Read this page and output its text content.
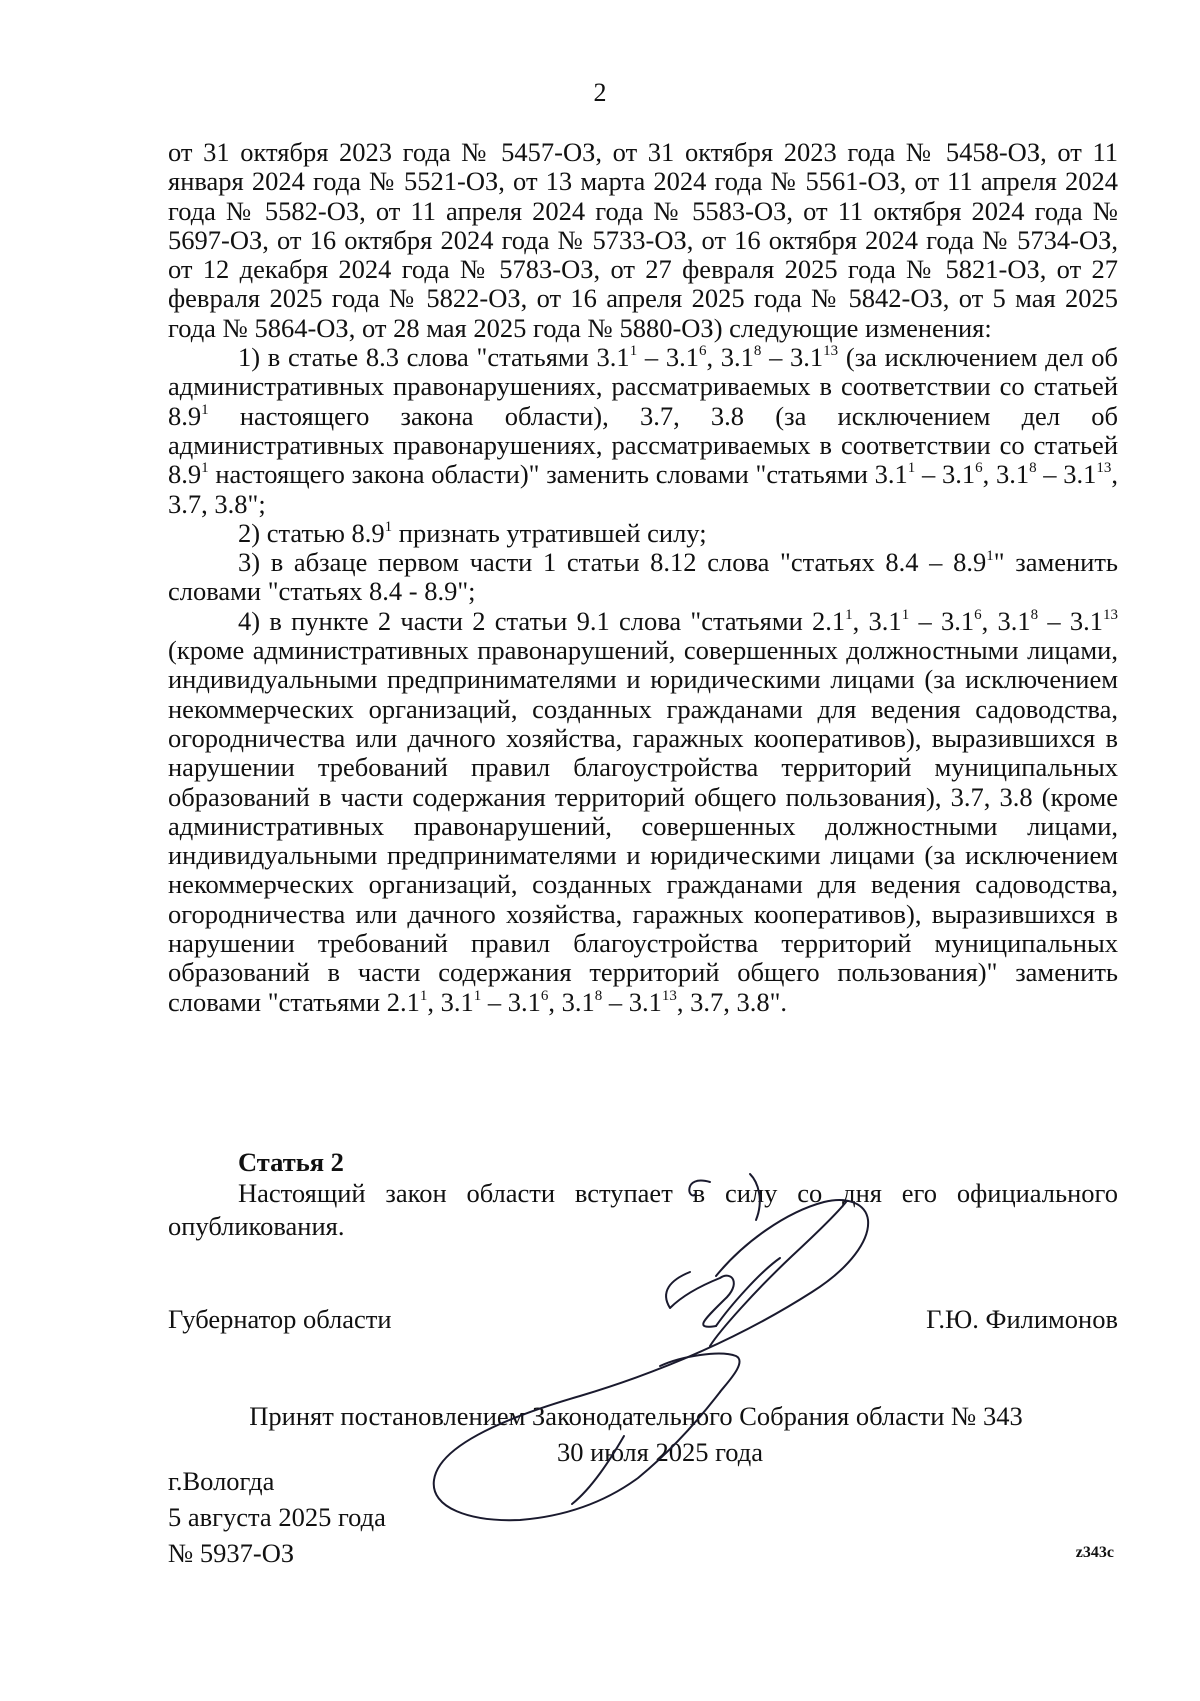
2

от 31 октября 2023 года № 5457-ОЗ, от 31 октября 2023 года № 5458-ОЗ, от 11 января 2024 года № 5521-ОЗ, от 13 марта 2024 года № 5561-ОЗ, от 11 апреля 2024 года № 5582-ОЗ, от 11 апреля 2024 года № 5583-ОЗ, от 11 октября 2024 года № 5697-ОЗ, от 16 октября 2024 года № 5733-ОЗ, от 16 октября 2024 года № 5734-ОЗ, от 12 декабря 2024 года № 5783-ОЗ, от 27 февраля 2025 года № 5821-ОЗ, от 27 февраля 2025 года № 5822-ОЗ, от 16 апреля 2025 года № 5842-ОЗ, от 5 мая 2025 года № 5864-ОЗ, от 28 мая 2025 года № 5880-ОЗ) следующие изменения:

1) в статье 8.3 слова "статьями $3.1^1 - 3.1^6$, $3.1^8 - 3.1^{13}$ (за исключением дел об административных правонарушениях, рассматриваемых в соответствии со статьей $8.9^1$ настоящего закона области), 3.7, 3.8 (за исключением дел об административных правонарушениях, рассматриваемых в соответствии со статьей $8.9^1$ настоящего закона области)" заменить словами "статьями $3.1^1 - 3.1^6$, $3.1^8 - 3.1^{13}$, 3.7, 3.8";

2) статью $8.9^1$ признать утратившей силу;

3) в абзаце первом части 1 статьи 8.12 слова "статьях $8.4 - 8.9^1$" заменить словами "статьях 8.4 - 8.9";

4) в пункте 2 части 2 статьи 9.1 слова "статьями $2.1^1$, $3.1^1 - 3.1^6$, $3.1^8 - 3.1^{13}$ (кроме административных правонарушений, совершенных должностными лицами, индивидуальными предпринимателями и юридическими лицами (за исключением некоммерческих организаций, созданных гражданами для ведения садоводства, огородничества или дачного хозяйства, гаражных кооперативов), выразившихся в нарушении требований правил благоустройства территорий муниципальных образований в части содержания территорий общего пользования), 3.7, 3.8 (кроме административных правонарушений, совершенных должностными лицами, индивидуальными предпринимателями и юридическими лицами (за исключением некоммерческих организаций, созданных гражданами для ведения садоводства, огородничества или дачного хозяйства, гаражных кооперативов), выразившихся в нарушении требований правил благоустройства территорий муниципальных образований в части содержания территорий общего пользования)" заменить словами "статьями $2.1^1$, $3.1^1 - 3.1^6$, $3.1^8 - 3.1^{13}$, 3.7, 3.8".

Статья 2

Настоящий закон области вступает в силу со дня его официального опубликования.

Губернатор области	Г.Ю. Филимонов
Принят постановлением Законодательного Собрания области № 343
30 июля 2025 года
г.Вологда
5 августа 2025 года
№ 5937-ОЗ	z343c
